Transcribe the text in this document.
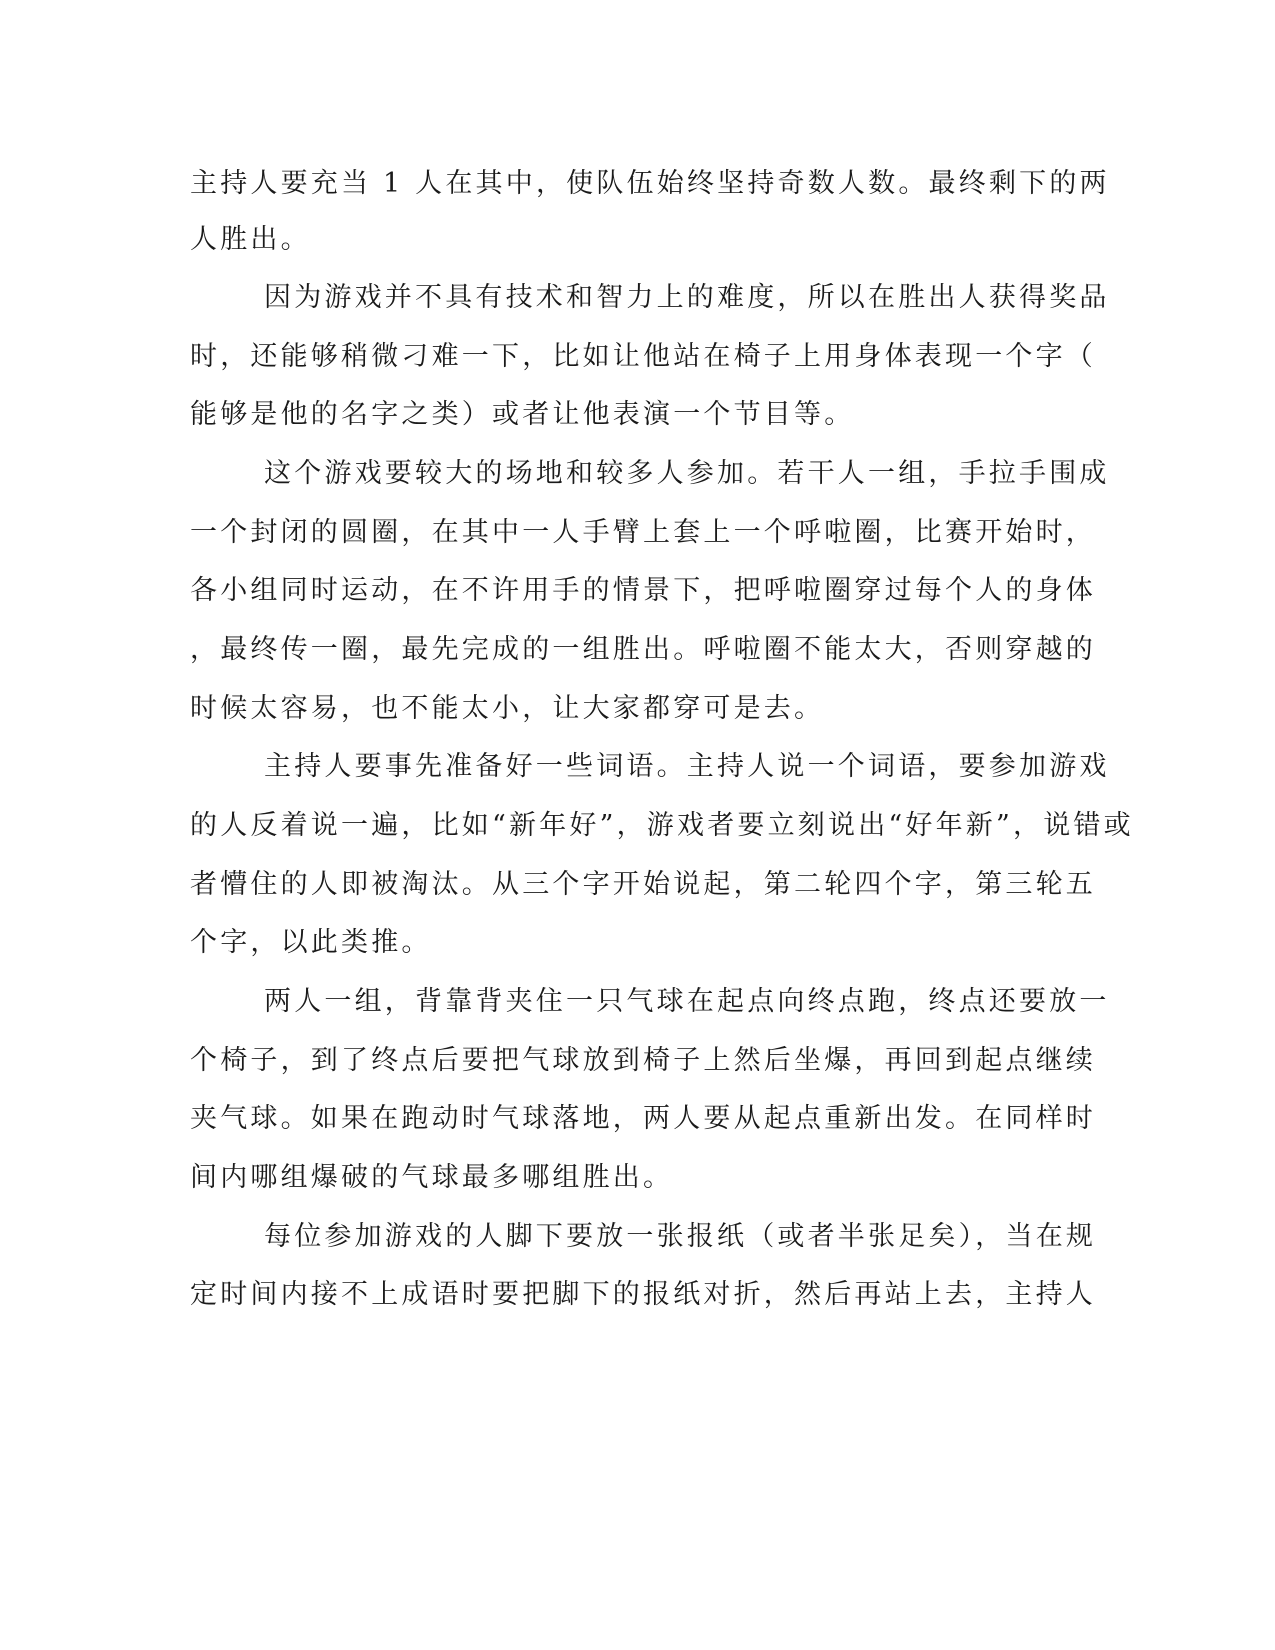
主持人要充当 1 人在其中，使队伍始终坚持奇数人数。最终剩下的两
人胜出。
因为游戏并不具有技术和智力上的难度，所以在胜出人获得奖品
时，还能够稍微刁难一下，比如让他站在椅子上用身体表现一个字（
能够是他的名字之类）或者让他表演一个节目等。
这个游戏要较大的场地和较多人参加。若干人一组，手拉手围成
一个封闭的圆圈，在其中一人手臂上套上一个呼啦圈，比赛开始时，
各小组同时运动，在不许用手的情景下，把呼啦圈穿过每个人的身体
，最终传一圈，最先完成的一组胜出。呼啦圈不能太大，否则穿越的
时候太容易，也不能太小，让大家都穿可是去。
主持人要事先准备好一些词语。主持人说一个词语，要参加游戏
的人反着说一遍，比如“新年好”，游戏者要立刻说出“好年新”，说错或
者懵住的人即被淘汰。从三个字开始说起，第二轮四个字，第三轮五
个字，以此类推。
两人一组，背靠背夹住一只气球在起点向终点跑，终点还要放一
个椅子，到了终点后要把气球放到椅子上然后坐爆，再回到起点继续
夹气球。如果在跑动时气球落地，两人要从起点重新出发。在同样时
间内哪组爆破的气球最多哪组胜出。
每位参加游戏的人脚下要放一张报纸（或者半张足矣），当在规
定时间内接不上成语时要把脚下的报纸对折，然后再站上去，主持人
